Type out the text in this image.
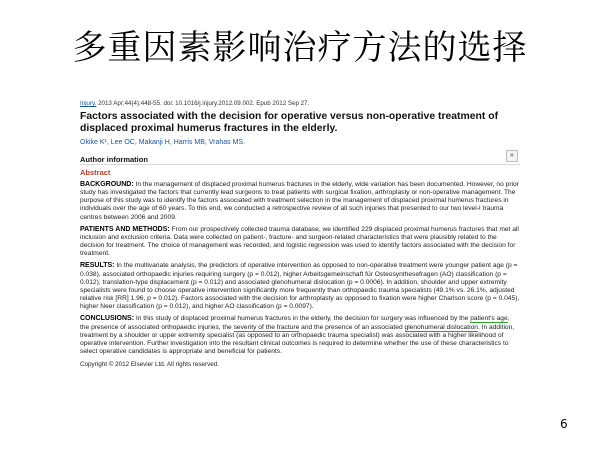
多重因素影响治疗方法的选择
Injury. 2013 Apr;44(4):448-55. doi: 10.1016/j.injury.2012.09.002. Epub 2012 Sep 27.
Factors associated with the decision for operative versus non-operative treatment of displaced proximal humerus fractures in the elderly.
Okike K¹, Lee OC, Makanji H, Harris MB, Vrahas MS.
Author information	»
Abstract
BACKGROUND: In the management of displaced proximal humerus fractures in the elderly, wide variation has been documented. However, no prior study has investigated the factors that currently lead surgeons to treat patients with surgical fixation, arthroplasty or non-operative management. The purpose of this study was to identify the factors associated with treatment selection in the management of displaced proximal humerus fractures in individuals over the age of 60 years. To this end, we conducted a retrospective review of all such injuries that presented to our two level-I trauma centres between 2006 and 2009.
PATIENTS AND METHODS: From our prospectively collected trauma database, we identified 229 displaced proximal humerus fractures that met all inclusion and exclusion criteria. Data were collected on patient-, fracture- and surgeon-related characteristics that were plausibly related to the decision for treatment. The choice of management was recorded, and logistic regression was used to identify factors associated with the decision for treatment.
RESULTS: In the multivariate analysis, the predictors of operative intervention as opposed to non-operative treatment were younger patient age (p = 0.038), associated orthopaedic injuries requiring surgery (p = 0.012), higher Arbeitsgemeinschaft für Osteosynthesefragen (AO) classification (p = 0.012), translation-type displacement (p = 0.012) and associated glenohumeral dislocation (p = 0.0006). In addition, shoulder and upper extremity specialists were found to choose operative intervention significantly more frequently than orthopaedic trauma specialists (49.1% vs. 26.1%, adjusted relative risk [RR] 1.96, p = 0.012). Factors associated with the decision for arthroplasty as opposed to fixation were higher Charlson score (p = 0.045), higher Neer classification (p = 0.012), and higher AO classification (p = 0.0097).
CONCLUSIONS: In this study of displaced proximal humerus fractures in the elderly, the decision for surgery was influenced by the patient's age, the presence of associated orthopaedic injuries, the severity of the fracture and the presence of an associated glenohumeral dislocation. In addition, treatment by a shoulder or upper extremity specialist (as opposed to an orthopaedic trauma specialist) was associated with a higher likelihood of operative intervention. Further investigation into the resultant clinical outcomes is required to determine whether the use of these characteristics to select operative candidates is appropriate and beneficial for patients.
Copyright © 2012 Elsevier Ltd. All rights reserved.
6
